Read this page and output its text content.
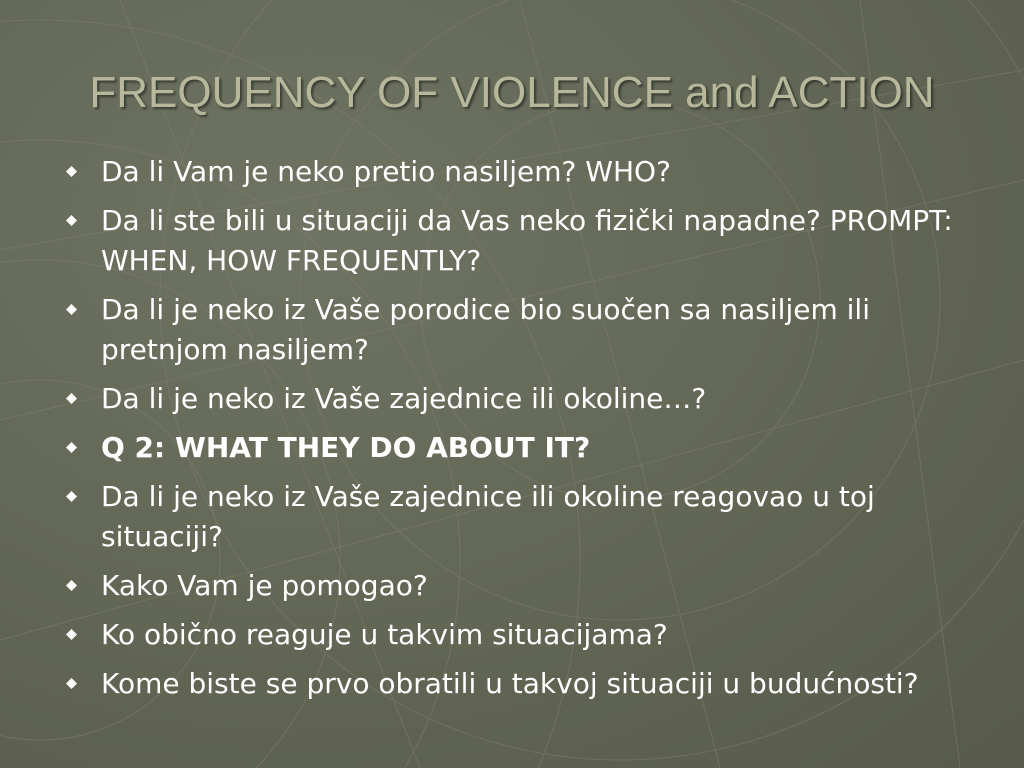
FREQUENCY OF VIOLENCE and ACTION
Da li Vam je neko pretio nasiljem? WHO?
Da li ste bili u situaciji da Vas neko fizički napadne? PROMPT: WHEN, HOW FREQUENTLY?
Da li je neko iz Vaše porodice bio suočen sa nasiljem ili pretnjom nasiljem?
Da li je neko iz Vaše zajednice ili okoline…?
Q 2: WHAT THEY DO ABOUT IT?
Da li je neko iz Vaše zajednice ili okoline reagovao u toj situaciji?
Kako Vam je pomogao?
Ko obično reaguje u takvim situacijama?
Kome biste se prvo obratili u takvoj situaciji u budućnosti?
